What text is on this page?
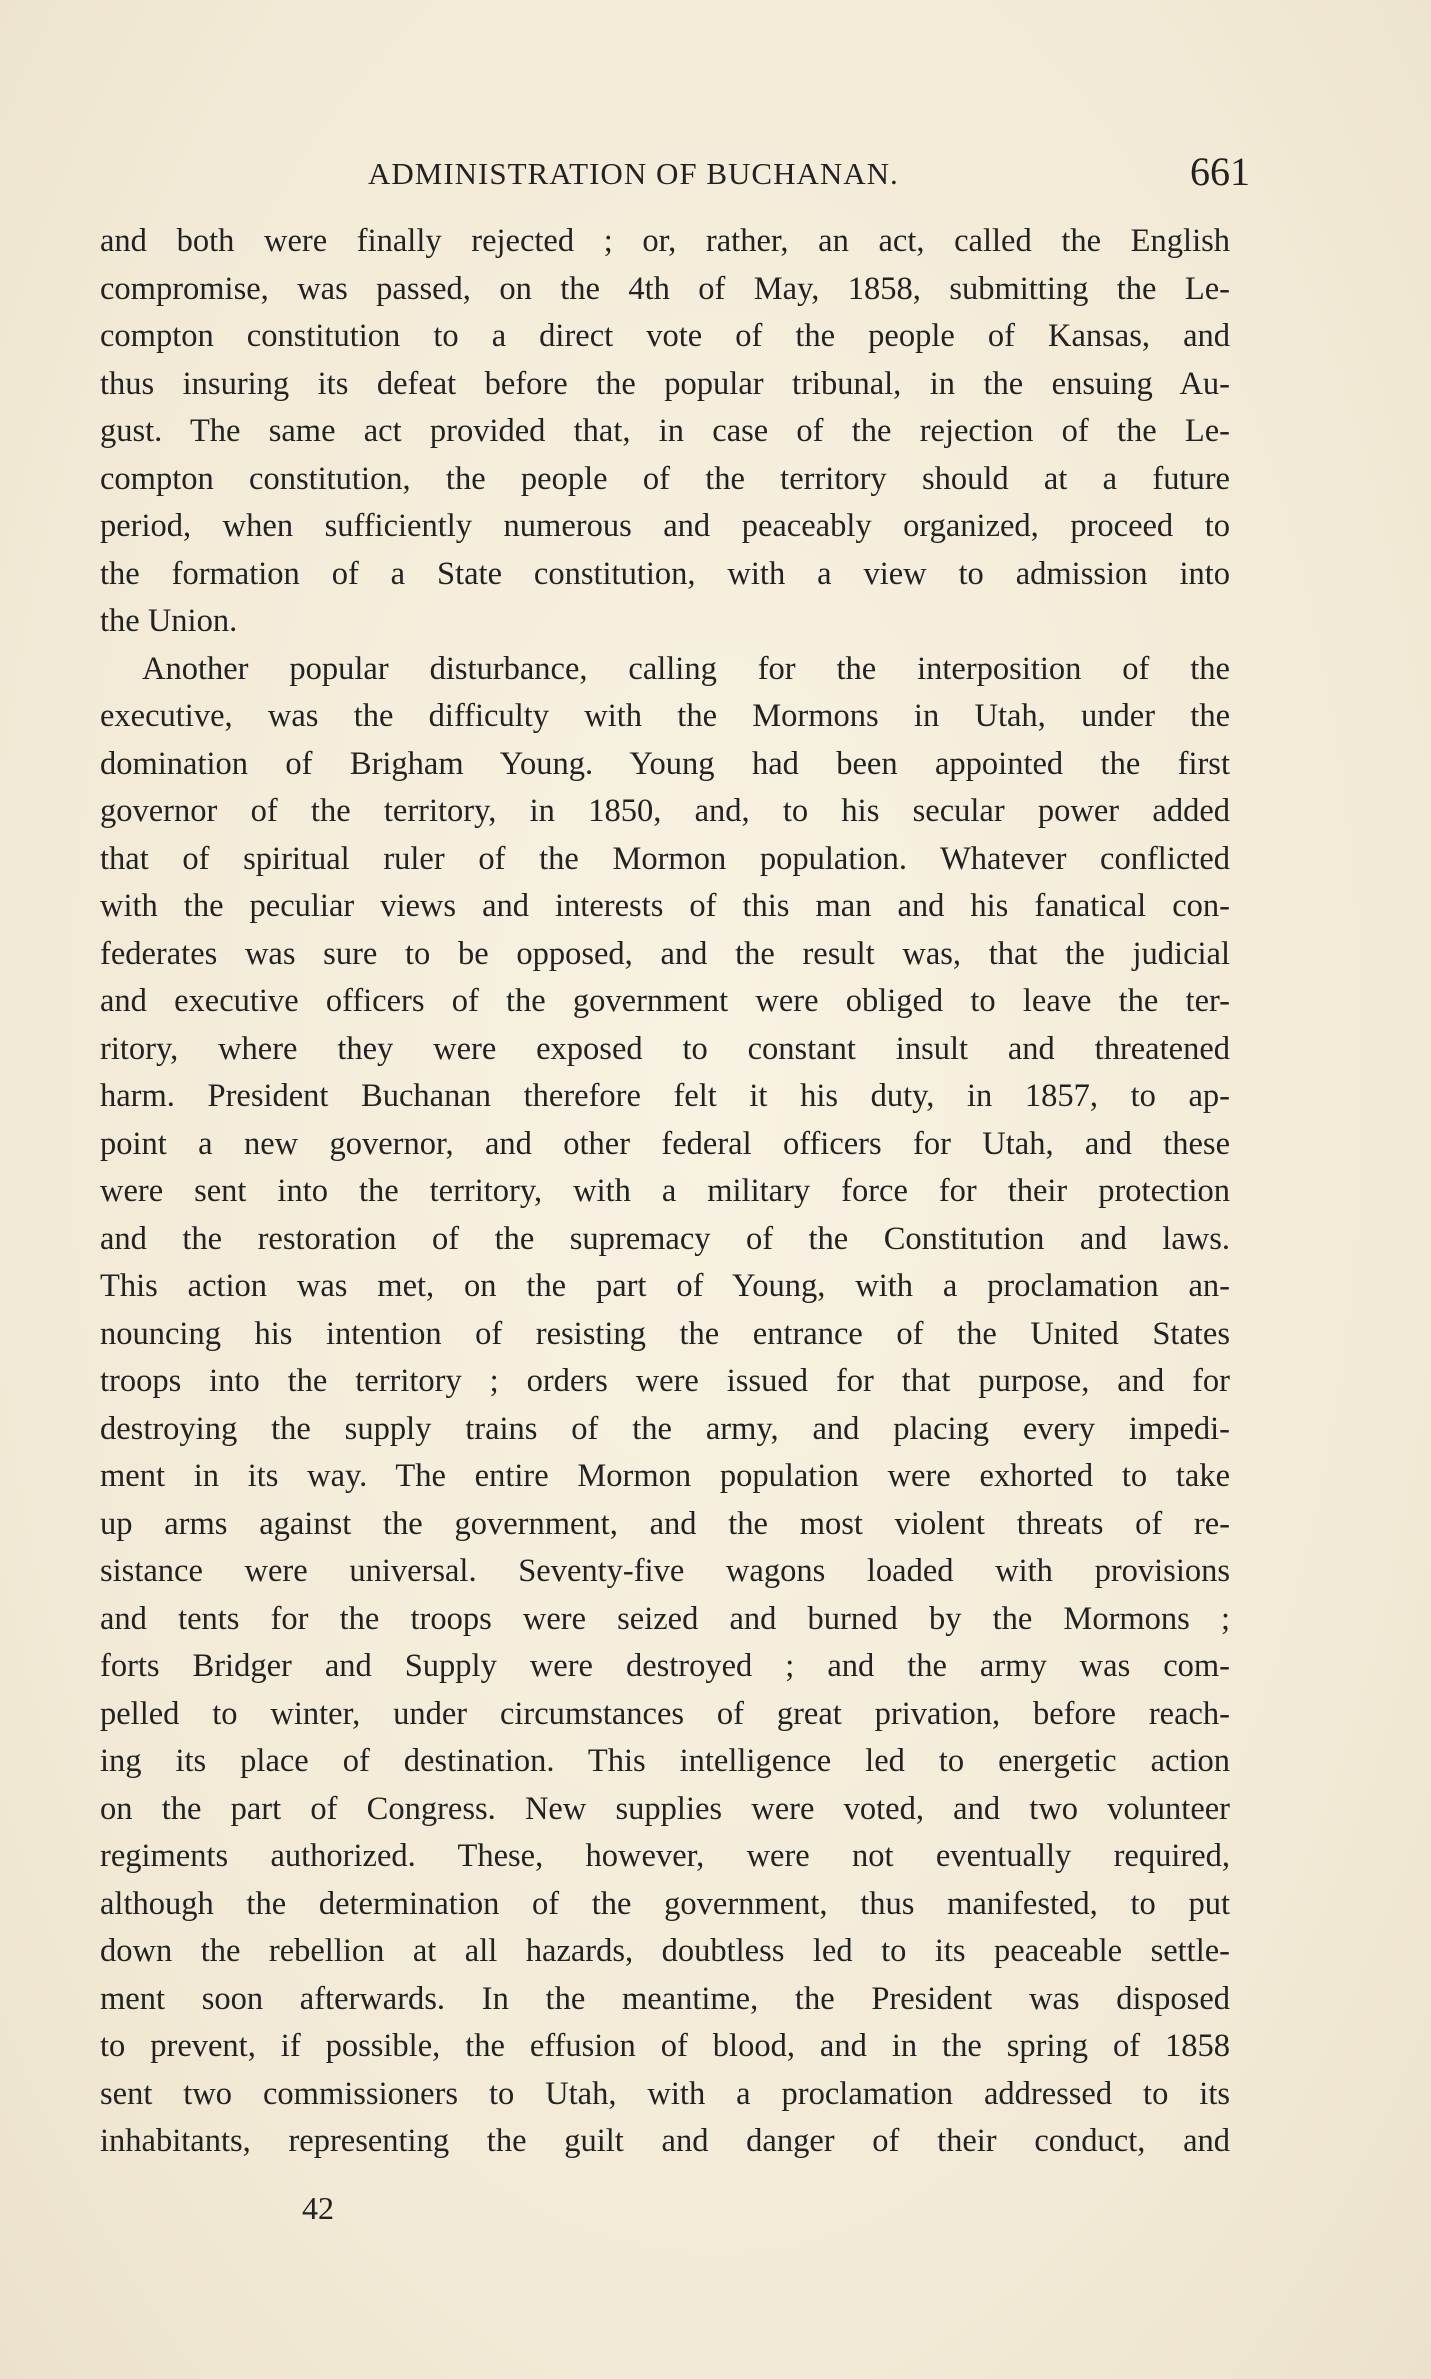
ADMINISTRATION OF BUCHANAN.	661
and both were finally rejected ; or, rather, an act, called the English
compromise, was passed, on the 4th of May, 1858, submitting the Le-
compton constitution to a direct vote of the people of Kansas, and
thus insuring its defeat before the popular tribunal, in the ensuing Au-
gust. The same act provided that, in case of the rejection of the Le-
compton constitution, the people of the territory should at a future
period, when sufficiently numerous and peaceably organized, proceed to
the formation of a State constitution, with a view to admission into
the Union.
Another popular disturbance, calling for the interposition of the
executive, was the difficulty with the Mormons in Utah, under the
domination of Brigham Young. Young had been appointed the first
governor of the territory, in 1850, and, to his secular power added
that of spiritual ruler of the Mormon population. Whatever conflicted
with the peculiar views and interests of this man and his fanatical con-
federates was sure to be opposed, and the result was, that the judicial
and executive officers of the government were obliged to leave the ter-
ritory, where they were exposed to constant insult and threatened
harm. President Buchanan therefore felt it his duty, in 1857, to ap-
point a new governor, and other federal officers for Utah, and these
were sent into the territory, with a military force for their protection
and the restoration of the supremacy of the Constitution and laws.
This action was met, on the part of Young, with a proclamation an-
nouncing his intention of resisting the entrance of the United States
troops into the territory ; orders were issued for that purpose, and for
destroying the supply trains of the army, and placing every impedi-
ment in its way. The entire Mormon population were exhorted to take
up arms against the government, and the most violent threats of re-
sistance were universal. Seventy-five wagons loaded with provisions
and tents for the troops were seized and burned by the Mormons ;
forts Bridger and Supply were destroyed ; and the army was com-
pelled to winter, under circumstances of great privation, before reach-
ing its place of destination. This intelligence led to energetic action
on the part of Congress. New supplies were voted, and two volunteer
regiments authorized. These, however, were not eventually required,
although the determination of the government, thus manifested, to put
down the rebellion at all hazards, doubtless led to its peaceable settle-
ment soon afterwards. In the meantime, the President was disposed
to prevent, if possible, the effusion of blood, and in the spring of 1858
sent two commissioners to Utah, with a proclamation addressed to its
inhabitants, representing the guilt and danger of their conduct, and
42
